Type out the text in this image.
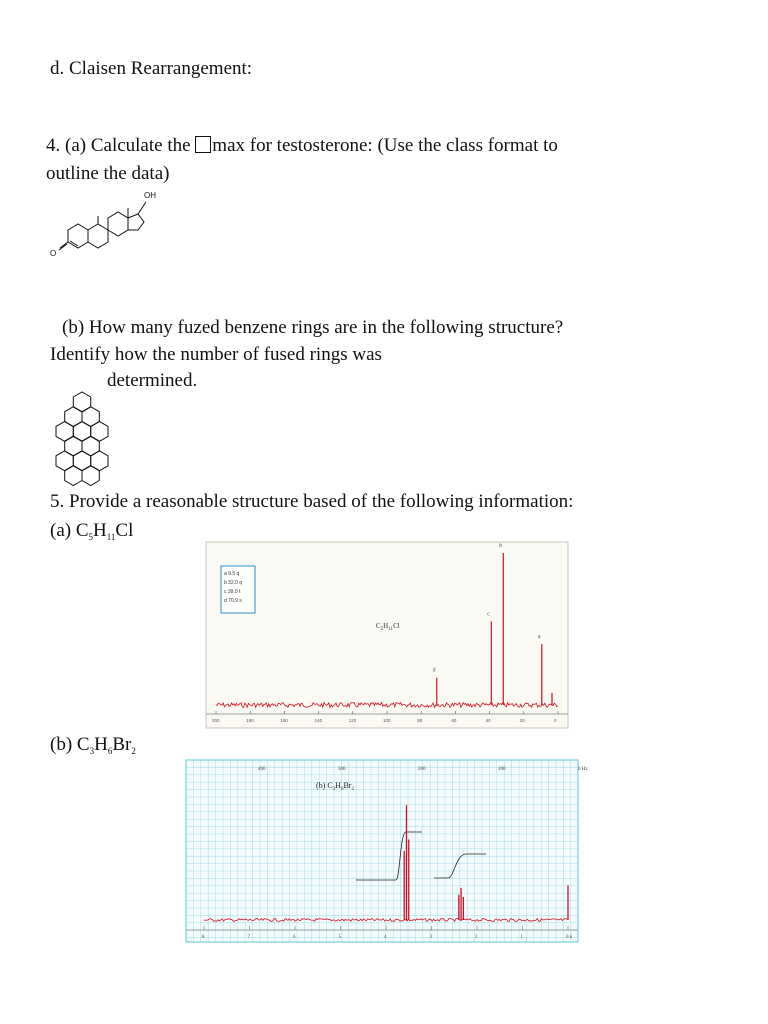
d. Claisen Rearrangement:
4. (a) Calculate the max for testosterone: (Use the class format to
outline the data)
OH
O
(b) How many fuzed benzene rings are in the following structure?
Identify how the number of fused rings was
determined.
5. Provide a reasonable structure based of the following information:
(a) $C_5H_{11}Cl$
a 9.5 q
b 32.0 q
c 39.0 t
d 70.9 s
$C_5H_{11}Cl$
a
b
c
d
200	180	160	140	120	100	80	60	40	20	0
(b) $C_3H_6Br_2$
400	300	200	100	0 Hz
(b) $C_3H_6Br_2$
8	7	6	5	4	3	2	1	0 δ
